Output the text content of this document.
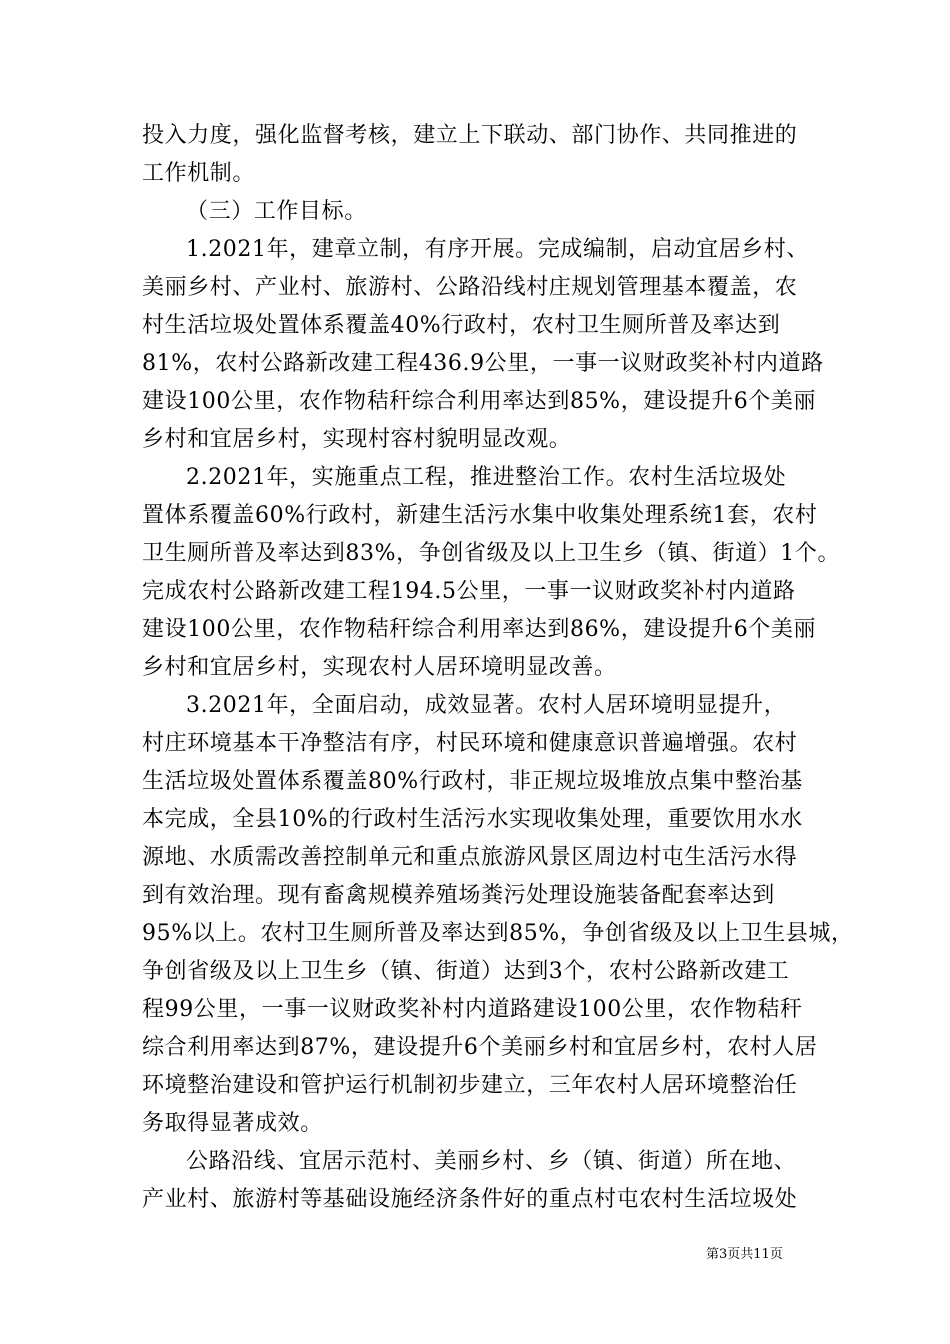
投入力度，强化监督考核，建立上下联动、部门协作、共同推进的
工作机制。
（三）工作目标。
1.2021年，建章立制，有序开展。完成编制，启动宜居乡村、
美丽乡村、产业村、旅游村、公路沿线村庄规划管理基本覆盖，农
村生活垃圾处置体系覆盖40%行政村，农村卫生厕所普及率达到
81%，农村公路新改建工程436.9公里，一事一议财政奖补村内道路
建设100公里，农作物秸秆综合利用率达到85%，建设提升6个美丽
乡村和宜居乡村，实现村容村貌明显改观。
2.2021年，实施重点工程，推进整治工作。农村生活垃圾处
置体系覆盖60%行政村，新建生活污水集中收集处理系统1套，农村
卫生厕所普及率达到83%，争创省级及以上卫生乡（镇、街道）1个。
完成农村公路新改建工程194.5公里，一事一议财政奖补村内道路
建设100公里，农作物秸秆综合利用率达到86%，建设提升6个美丽
乡村和宜居乡村，实现农村人居环境明显改善。
3.2021年，全面启动，成效显著。农村人居环境明显提升，
村庄环境基本干净整洁有序，村民环境和健康意识普遍增强。农村
生活垃圾处置体系覆盖80%行政村，非正规垃圾堆放点集中整治基
本完成，全县10%的行政村生活污水实现收集处理，重要饮用水水
源地、水质需改善控制单元和重点旅游风景区周边村屯生活污水得
到有效治理。现有畜禽规模养殖场粪污处理设施装备配套率达到
95%以上。农村卫生厕所普及率达到85%，争创省级及以上卫生县城，
争创省级及以上卫生乡（镇、街道）达到3个，农村公路新改建工
程99公里，一事一议财政奖补村内道路建设100公里，农作物秸秆
综合利用率达到87%，建设提升6个美丽乡村和宜居乡村，农村人居
环境整治建设和管护运行机制初步建立，三年农村人居环境整治任
务取得显著成效。
公路沿线、宜居示范村、美丽乡村、乡（镇、街道）所在地、
产业村、旅游村等基础设施经济条件好的重点村屯农村生活垃圾处
第3页共11页
